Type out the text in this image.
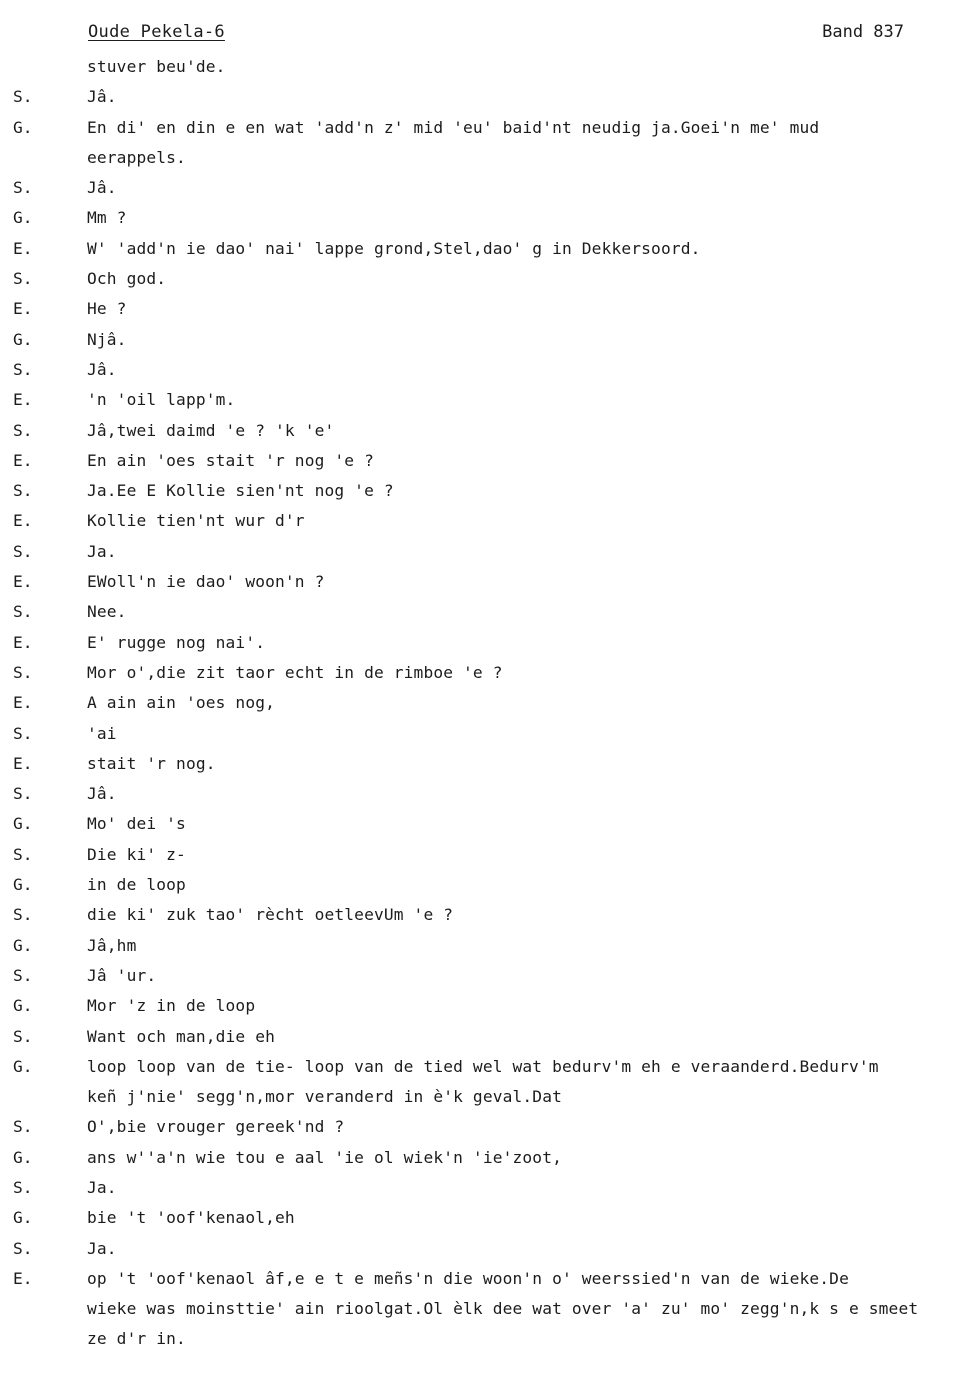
Oude Pekela-6	Band 837
stuver beu'de.
S.	Jâ.
G.	En di' en din e en wat 'add'n z' mid 'eu' baid'nt neudig ja.Goei'n me' mud
eerappels.
S.	Jâ.
G.	Mm ?
E.	W' 'add'n ie dao' nai' lappe grond,Stel,dao' g in Dekkersoord.
S.	Och god.
E.	He ?
G.	Njâ.
S.	Jâ.
E.	'n 'oil lapp'm.
S.	Jâ,twei daimd 'e ? 'k 'e'
E.	En ain 'oes stait 'r nog 'e ?
S.	Ja.Ee E Kollie sien'nt nog 'e ?
E.	Kollie tien'nt wur d'r
S.	Ja.
E.	EWoll'n ie dao' woon'n ?
S.	Nee.
E.	E' rugge nog nai'.
S.	Mor o',die zit taor echt in de rimboe 'e ?
E.	A ain ain 'oes nog,
S.	'ai
E.	stait 'r nog.
S.	Jâ.
G.	Mo' dei 's
S.	Die ki' z-
G.	in de loop
S.	die ki' zuk tao' rècht oetleevUm 'e ?
G.	Jâ,hm
S.	Jâ 'ur.
G.	Mor 'z in de loop
S.	Want och man,die eh
G.	loop loop van de tie- loop van de tied wel wat bedurv'm eh e veraanderd.Bedurv'm
keñ j'nie' segg'n,mor veranderd in è'k geval.Dat
S.	O',bie vrouger gereek'nd ?
G.	ans w''a'n wie tou e aal 'ie ol wiek'n 'ie'zoot,
S.	Ja.
G.	bie 't 'oof'kenaol,eh
S.	Ja.
E.	op 't 'oof'kenaol âf,e e t e meñs'n die woon'n o' weerssied'n van de wieke.De
wieke was moinsttie' ain rioolgat.Ol èlk dee wat over 'a' zu' mo' zegg'n,k s e smeet
ze d'r in.
